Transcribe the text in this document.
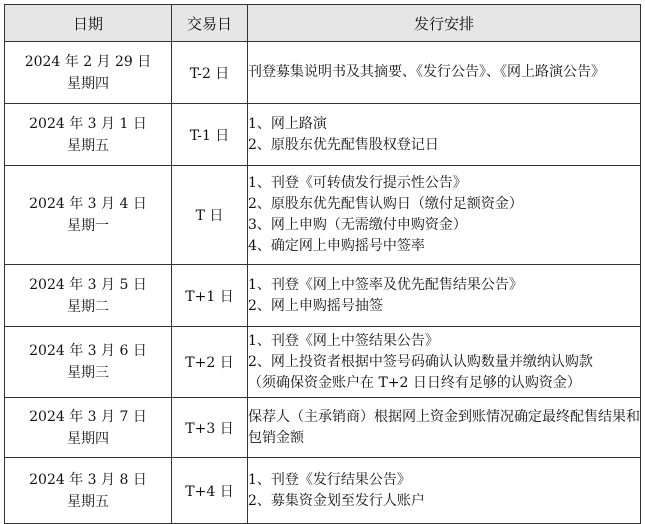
日期	交易日	发行安排

2024 年 2 月 29 日
星期四	T-2 日	刊登募集说明书及其摘要、《发行公告》、《网上路演公告》

2024 年 3 月 1 日
星期五	T-1 日	1、网上路演
2、原股东优先配售股权登记日

2024 年 3 月 4 日
星期一	T 日	1、刊登《可转债发行提示性公告》
2、原股东优先配售认购日（缴付足额资金）
3、网上申购（无需缴付申购资金）
4、确定网上申购摇号中签率

2024 年 3 月 5 日
星期二	T+1 日	1、刊登《网上中签率及优先配售结果公告》
2、网上申购摇号抽签

2024 年 3 月 6 日
星期三	T+2 日	1、刊登《网上中签结果公告》
2、网上投资者根据中签号码确认认购数量并缴纳认购款
（须确保资金账户在 T+2 日日终有足够的认购资金）

2024 年 3 月 7 日
星期四	T+3 日	保荐人（主承销商）根据网上资金到账情况确定最终配售结果和包销金额

2024 年 3 月 8 日
星期五	T+4 日	1、刊登《发行结果公告》
2、募集资金划至发行人账户
